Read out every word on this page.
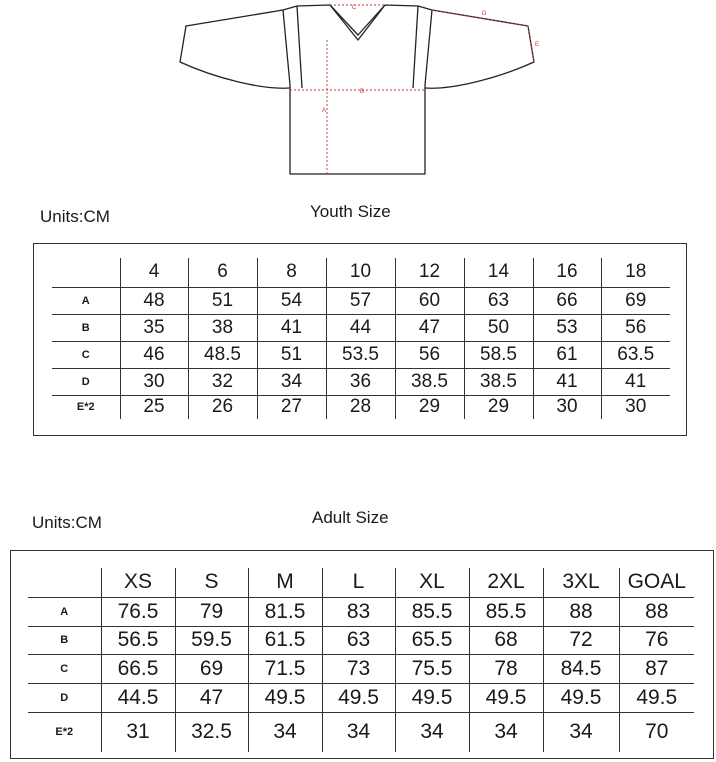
C
D
E
B
A
Units:CM	Youth Size
	4	6	8	10	12	14	16	18
A	48	51	54	57	60	63	66	69
B	35	38	41	44	47	50	53	56
C	46	48.5	51	53.5	56	58.5	61	63.5
D	30	32	34	36	38.5	38.5	41	41
E*2	25	26	27	28	29	29	30	30
Units:CM	Adult Size
	XS	S	M	L	XL	2XL	3XL	GOAL
A	76.5	79	81.5	83	85.5	85.5	88	88
B	56.5	59.5	61.5	63	65.5	68	72	76
C	66.5	69	71.5	73	75.5	78	84.5	87
D	44.5	47	49.5	49.5	49.5	49.5	49.5	49.5
E*2	31	32.5	34	34	34	34	34	70
